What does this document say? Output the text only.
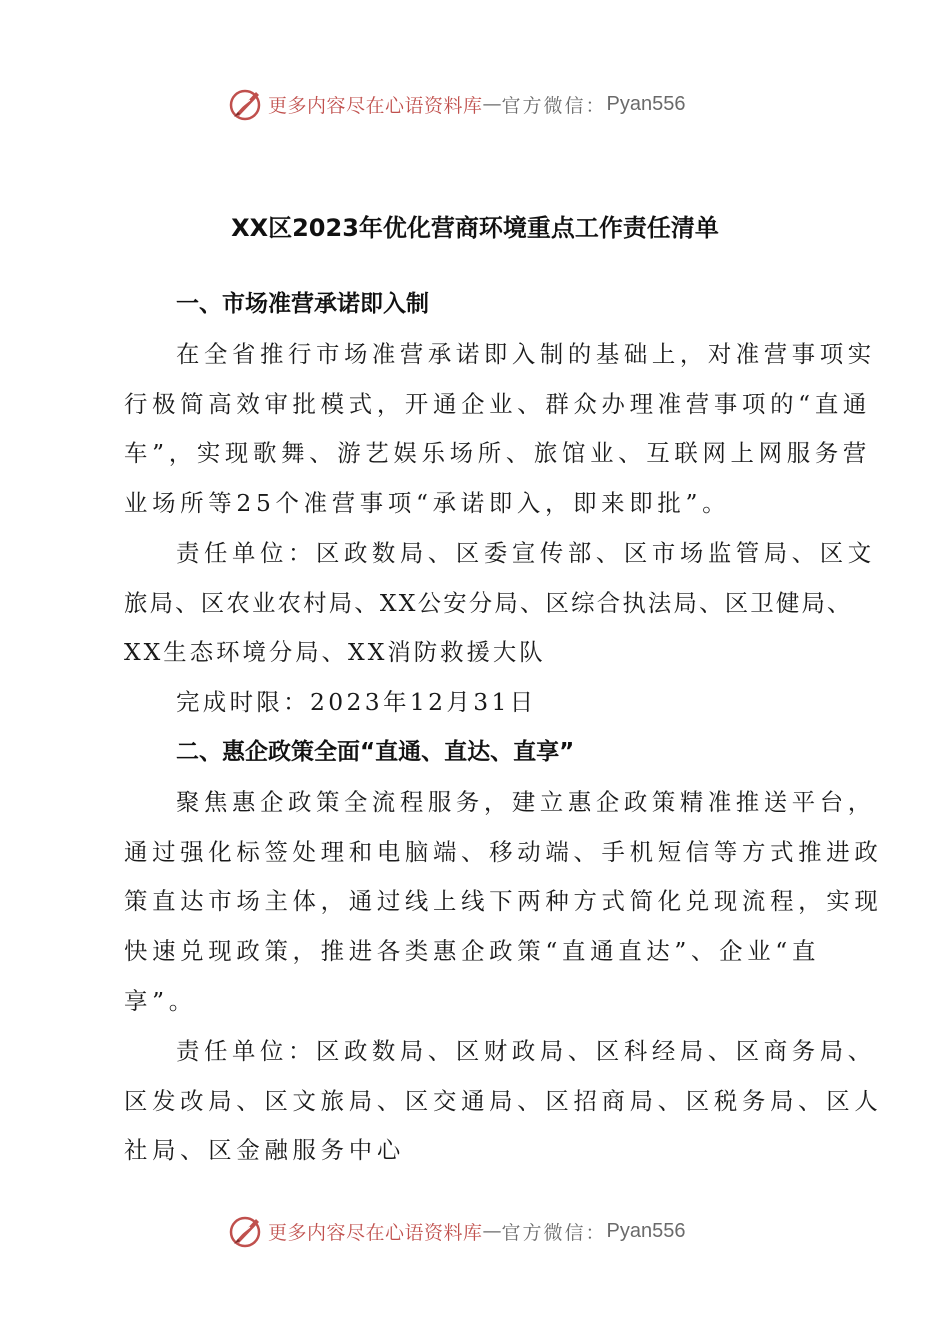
更多内容尽在心语资料库 — 官方微信： Pyan556
XX区2023年优化营商环境重点工作责任清单
一、市场准营承诺即入制
在全省推行市场准营承诺即入制的基础上，对准营事项实
行极简高效审批模式，开通企业、群众办理准营事项的“直通
车”，实现歌舞、游艺娱乐场所、旅馆业、互联网上网服务营
业场所等25个准营事项“承诺即入，即来即批”。
责任单位：区政数局、区委宣传部、区市场监管局、区文
旅局、区农业农村局、XX公安分局、区综合执法局、区卫健局、
XX生态环境分局、XX消防救援大队
完成时限：2023年12月31日
二、惠企政策全面“直通、直达、直享”
聚焦惠企政策全流程服务，建立惠企政策精准推送平台，
通过强化标签处理和电脑端、移动端、手机短信等方式推进政
策直达市场主体，通过线上线下两种方式简化兑现流程，实现
快速兑现政策，推进各类惠企政策“直通直达”、企业“直
享”。
责任单位：区政数局、区财政局、区科经局、区商务局、
区发改局、区文旅局、区交通局、区招商局、区税务局、区人
社局、区金融服务中心
更多内容尽在心语资料库 — 官方微信： Pyan556
